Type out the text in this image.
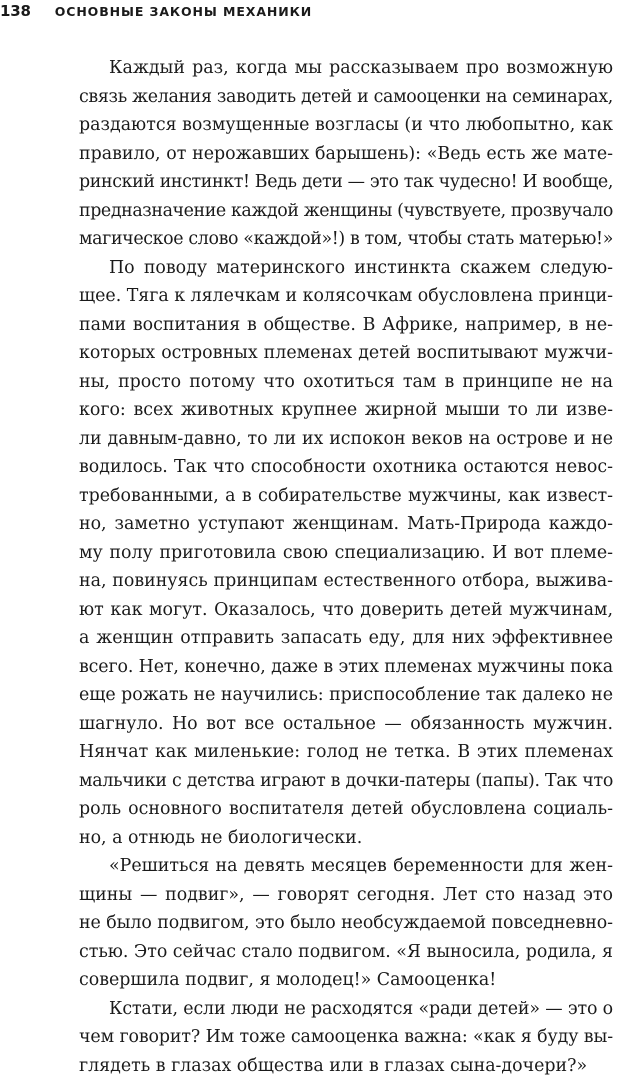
138 ОСНОВНЫЕ ЗАКОНЫ МЕХАНИКИ
Каждый раз, когда мы рассказываем про возможную
связь желания заводить детей и самооценки на семинарах,
раздаются возмущенные возгласы (и что любопытно, как
правило, от нерожавших барышень): «Ведь есть же мате-
ринский инстинкт! Ведь дети — это так чудесно! И вообще,
предназначение каждой женщины (чувствуете, прозвучало
магическое слово «каждой»!) в том, чтобы стать матерью!»
По поводу материнского инстинкта скажем следую-
щее. Тяга к лялечкам и колясочкам обусловлена принци-
пами воспитания в обществе. В Африке, например, в не-
которых островных племенах детей воспитывают мужчи-
ны, просто потому что охотиться там в принципе не на
кого: всех животных крупнее жирной мыши то ли изве-
ли давным-давно, то ли их испокон веков на острове и не
водилось. Так что способности охотника остаются невос-
требованными, а в собирательстве мужчины, как извест-
но, заметно уступают женщинам. Мать-Природа каждо-
му полу приготовила свою специализацию. И вот племе-
на, повинуясь принципам естественного отбора, выжива-
ют как могут. Оказалось, что доверить детей мужчинам,
а женщин отправить запасать еду, для них эффективнее
всего. Нет, конечно, даже в этих племенах мужчины пока
еще рожать не научились: приспособление так далеко не
шагнуло. Но вот все остальное — обязанность мужчин.
Нянчат как миленькие: голод не тетка. В этих племенах
мальчики с детства играют в дочки-патеры (папы). Так что
роль основного воспитателя детей обусловлена социаль-
но, а отнюдь не биологически.
«Решиться на девять месяцев беременности для жен-
щины — подвиг», — говорят сегодня. Лет сто назад это
не было подвигом, это было необсуждаемой повседневно-
стью. Это сейчас стало подвигом. «Я выносила, родила, я
совершила подвиг, я молодец!» Самооценка!
Кстати, если люди не расходятся «ради детей» — это о
чем говорит? Им тоже самооценка важна: «как я буду вы-
глядеть в глазах общества или в глазах сына-дочери?»
